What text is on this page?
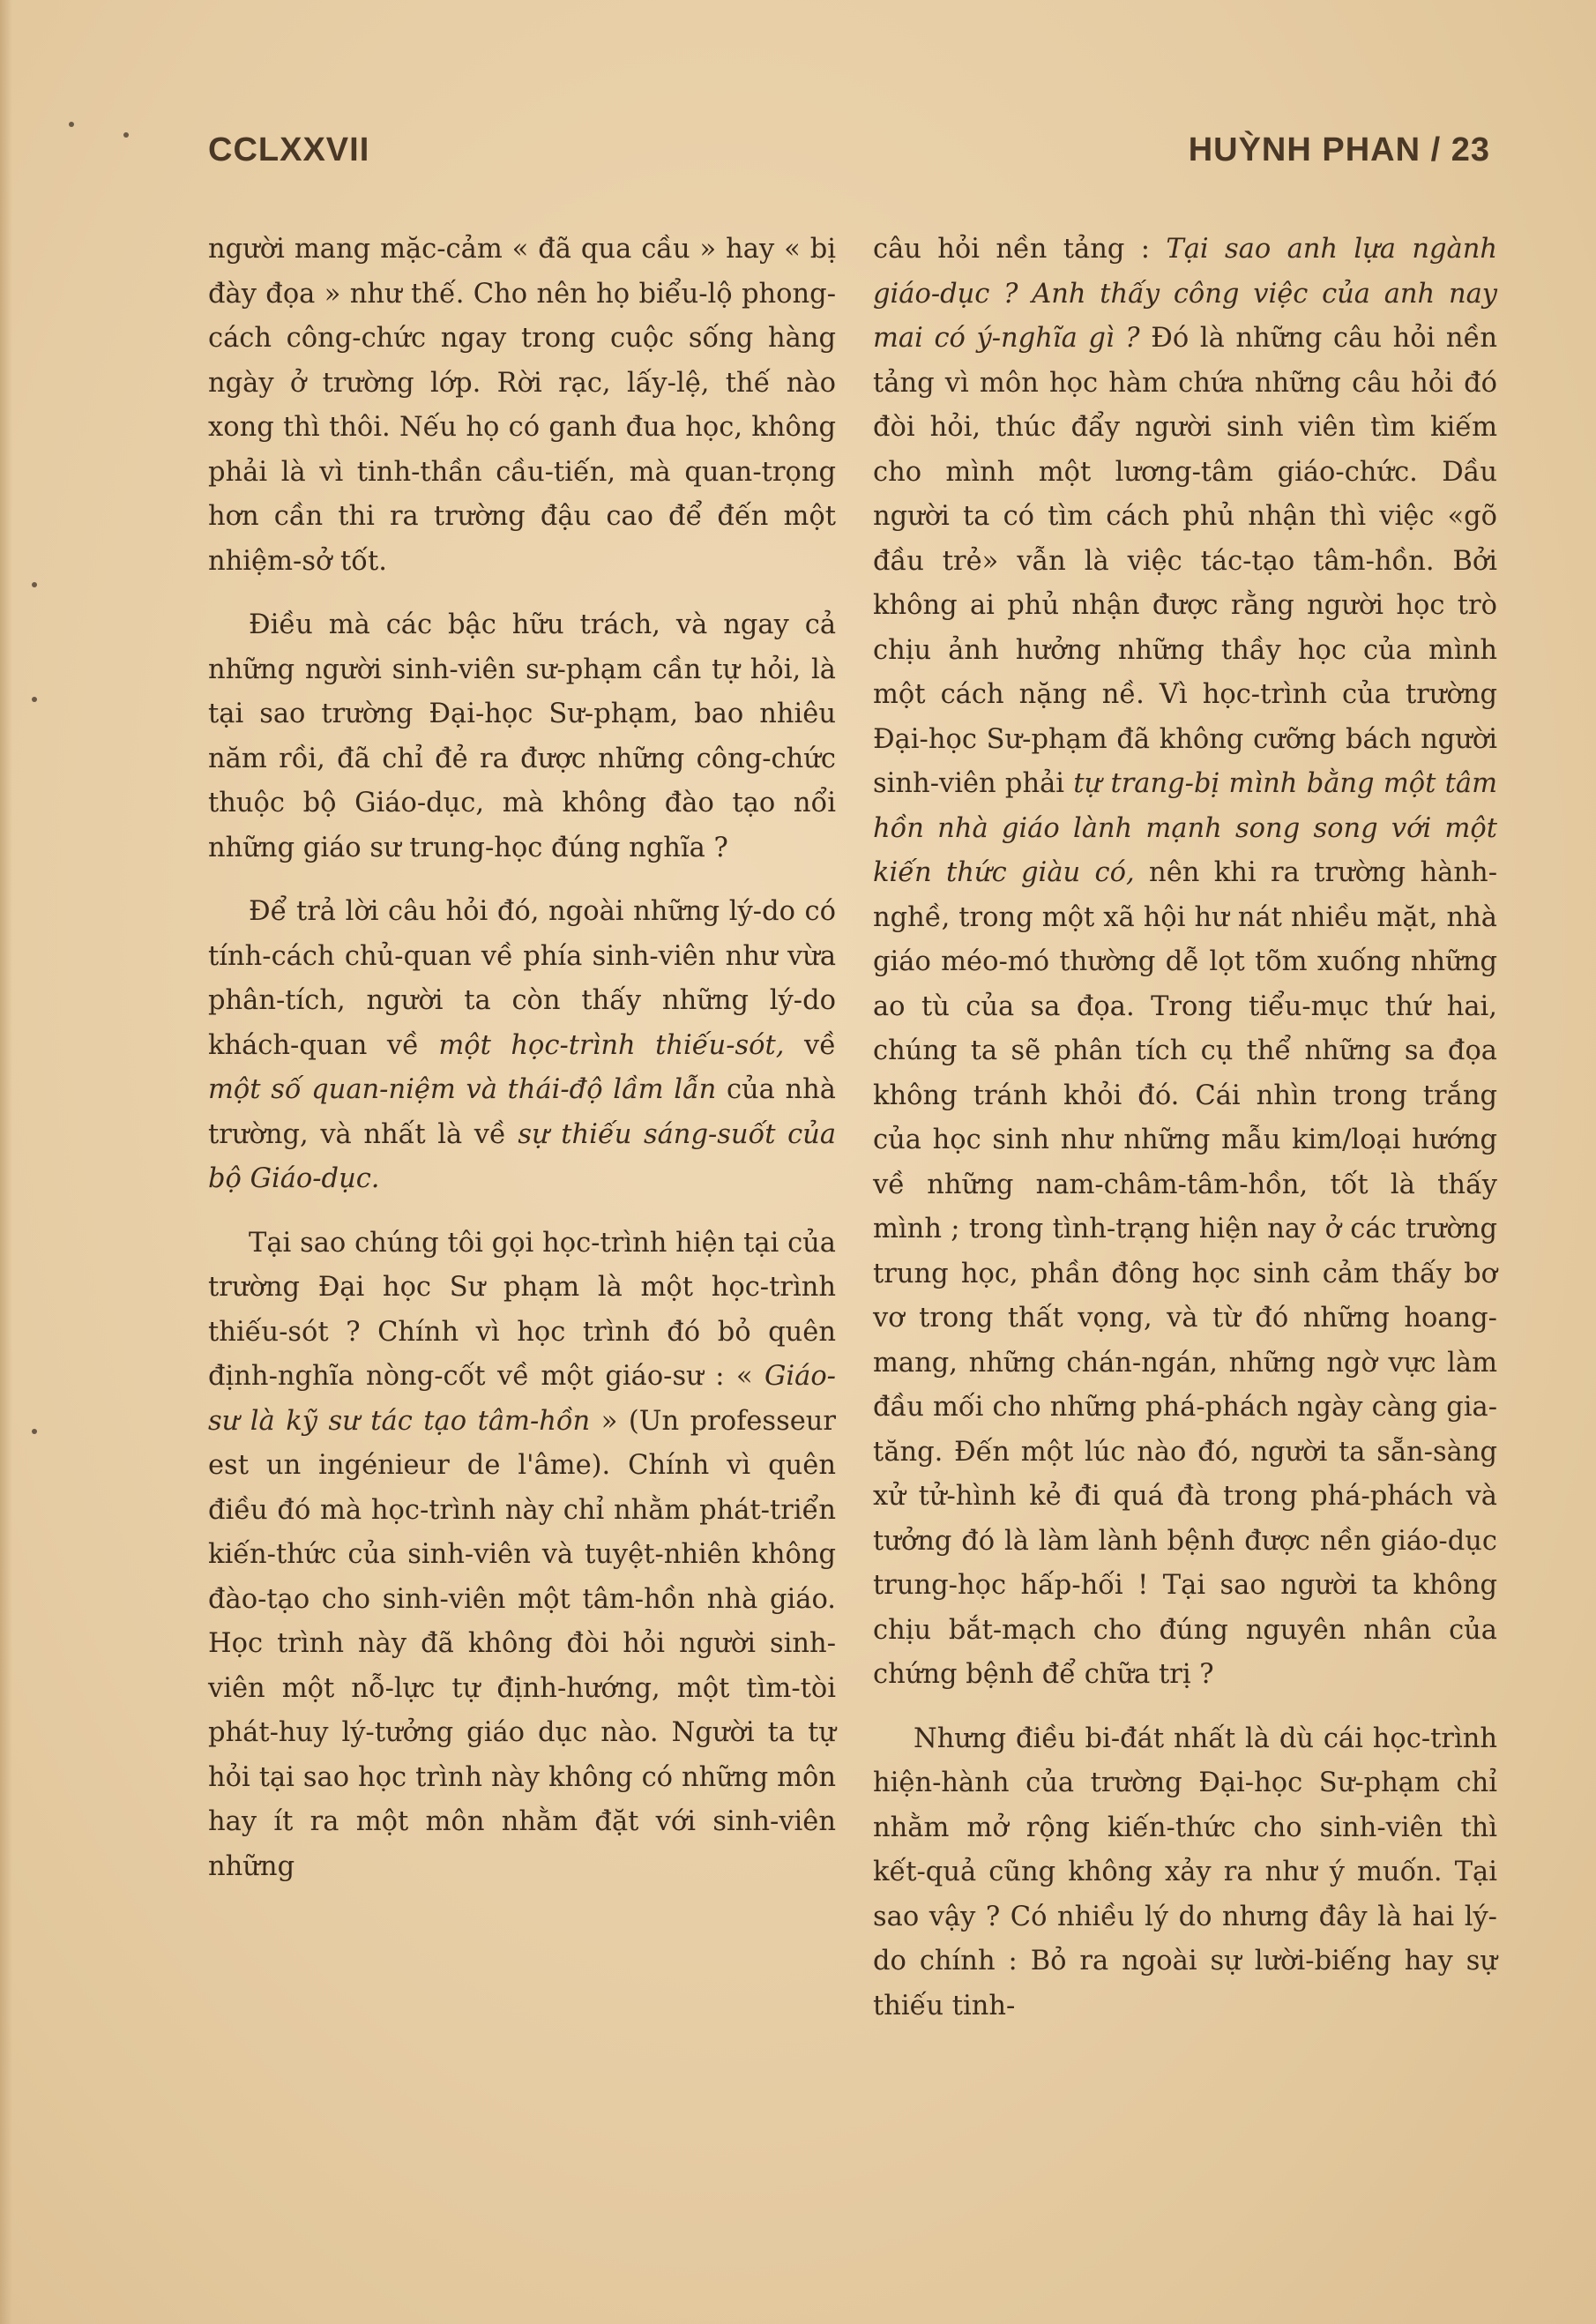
CCLXXVII	HUỲNH PHAN / 23

người mang mặc-cảm « đã qua cầu » hay « bị đày đọa » như thế. Cho nên họ biểu-lộ phong-cách công-chức ngay trong cuộc sống hàng ngày ở trường lớp. Rời rạc, lấy-lệ, thế nào xong thì thôi. Nếu họ có ganh đua học, không phải là vì tinh-thần cầu-tiến, mà quan-trọng hơn cần thi ra trường đậu cao để đến một nhiệm-sở tốt.

Điều mà các bậc hữu trách, và ngay cả những người sinh-viên sư-phạm cần tự hỏi, là tại sao trường Đại-học Sư-phạm, bao nhiêu năm rồi, đã chỉ đẻ ra được những công-chức thuộc bộ Giáo-dục, mà không đào tạo nổi những giáo sư trung-học đúng nghĩa ?

Để trả lời câu hỏi đó, ngoài những lý-do có tính-cách chủ-quan về phía sinh-viên như vừa phân-tích, người ta còn thấy những lý-do khách-quan về một học-trình thiếu-sót, về một số quan-niệm và thái-độ lầm lẫn của nhà trường, và nhất là về sự thiếu sáng-suốt của bộ Giáo-dục.

Tại sao chúng tôi gọi học-trình hiện tại của trường Đại học Sư phạm là một học-trình thiếu-sót ? Chính vì học trình đó bỏ quên định-nghĩa nòng-cốt về một giáo-sư : « Giáo-sư là kỹ sư tác tạo tâm-hồn » (Un professeur est un ingénieur de l'âme). Chính vì quên điều đó mà học-trình này chỉ nhằm phát-triển kiến-thức của sinh-viên và tuyệt-nhiên không đào-tạo cho sinh-viên một tâm-hồn nhà giáo. Học trình này đã không đòi hỏi người sinh-viên một nỗ-lực tự định-hướng, một tìm-tòi phát-huy lý-tưởng giáo dục nào. Người ta tự hỏi tại sao học trình này không có những môn hay ít ra một môn nhằm đặt với sinh-viên những

câu hỏi nền tảng : Tại sao anh lựa ngành giáo-dục ? Anh thấy công việc của anh nay mai có ý-nghĩa gì ? Đó là những câu hỏi nền tảng vì môn học hàm chứa những câu hỏi đó đòi hỏi, thúc đẩy người sinh viên tìm kiếm cho mình một lương-tâm giáo-chức. Dầu người ta có tìm cách phủ nhận thì việc «gõ đầu trẻ» vẫn là việc tác-tạo tâm-hồn. Bởi không ai phủ nhận được rằng người học trò chịu ảnh hưởng những thầy học của mình một cách nặng nề. Vì học-trình của trường Đại-học Sư-phạm đã không cưỡng bách người sinh-viên phải tự trang-bị mình bằng một tâm hồn nhà giáo lành mạnh song song với một kiến thức giàu có, nên khi ra trường hành-nghề, trong một xã hội hư nát nhiều mặt, nhà giáo méo-mó thường dễ lọt tõm xuống những ao tù của sa đọa. Trong tiểu-mục thứ hai, chúng ta sẽ phân tích cụ thể những sa đọa không tránh khỏi đó. Cái nhìn trong trắng của học sinh như những mẫu kim/loại hướng về những nam-châm-tâm-hồn, tốt là thấy mình ; trong tình-trạng hiện nay ở các trường trung học, phần đông học sinh cảm thấy bơ vơ trong thất vọng, và từ đó những hoang-mang, những chán-ngán, những ngờ vực làm đầu mối cho những phá-phách ngày càng gia-tăng. Đến một lúc nào đó, người ta sẵn-sàng xử tử-hình kẻ đi quá đà trong phá-phách và tưởng đó là làm lành bệnh được nền giáo-dục trung-học hấp-hối ! Tại sao người ta không chịu bắt-mạch cho đúng nguyên nhân của chứng bệnh để chữa trị ?

Nhưng điều bi-đát nhất là dù cái học-trình hiện-hành của trường Đại-học Sư-phạm chỉ nhằm mở rộng kiến-thức cho sinh-viên thì kết-quả cũng không xảy ra như ý muốn. Tại sao vậy ? Có nhiều lý do nhưng đây là hai lý-do chính : Bỏ ra ngoài sự lười-biếng hay sự thiếu tinh-
